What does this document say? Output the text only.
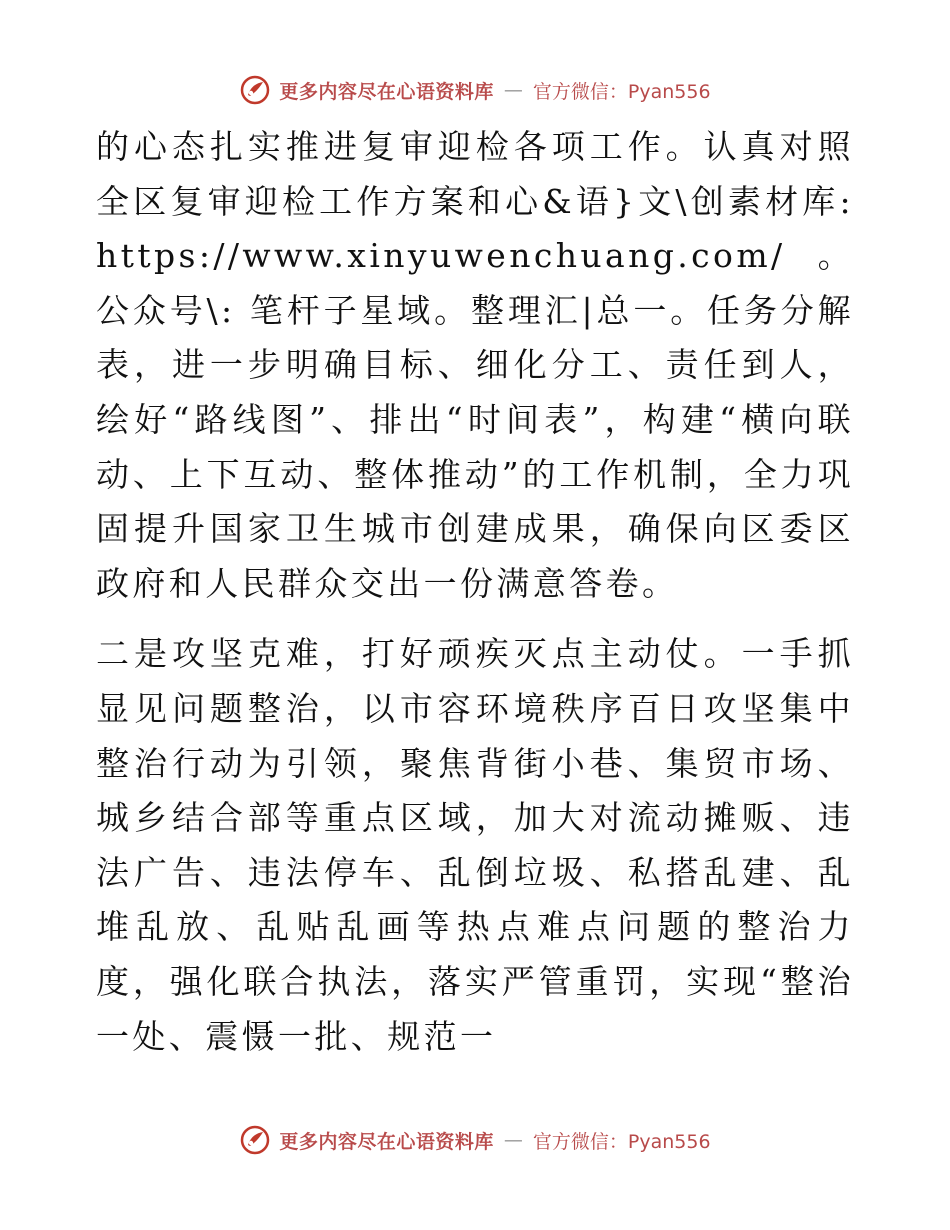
更多内容尽在心语资料库 — 官方微信：Pyan556

的心态扎实推进复审迎检各项工作。认真对照全区复审迎检工作方案和心&语}文\创素材库: https://www.xinyuwenchuang.com/。公众号\: 笔杆子星域。整理汇|总一。任务分解表，进一步明确目标、细化分工、责任到人，绘好“路线图”、排出“时间表”，构建“横向联动、上下互动、整体推动”的工作机制，全力巩固提升国家卫生城市创建成果，确保向区委区政府和人民群众交出一份满意答卷。

二是攻坚克难，打好顽疾灭点主动仗。一手抓显见问题整治，以市容环境秩序百日攻坚集中整治行动为引领，聚焦背街小巷、集贸市场、城乡结合部等重点区域，加大对流动摊贩、违法广告、违法停车、乱倒垃圾、私搭乱建、乱堆乱放、乱贴乱画等热点难点问题的整治力度，强化联合执法，落实严管重罚，实现“整治一处、震慑一批、规范一

更多内容尽在心语资料库 — 官方微信：Pyan556
